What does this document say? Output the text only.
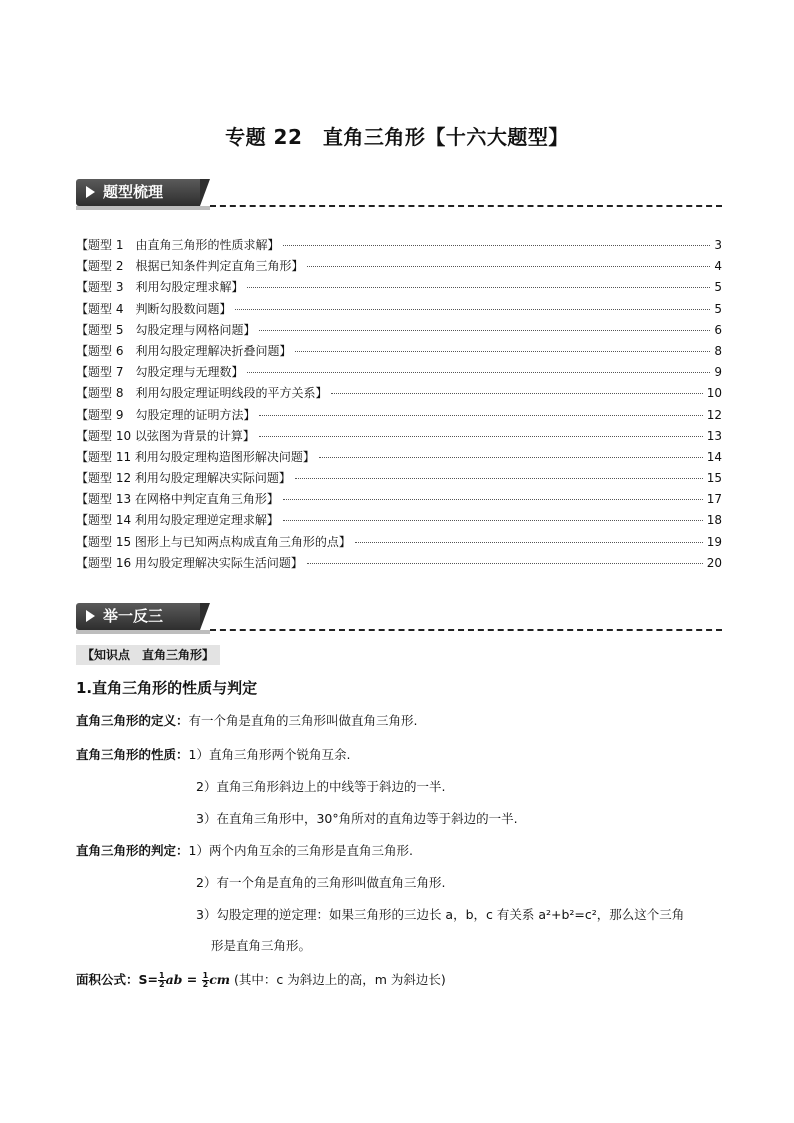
专题 22　直角三角形【十六大题型】
题型梳理
【题型 1　由直角三角形的性质求解】	3
【题型 2　根据已知条件判定直角三角形】	4
【题型 3　利用勾股定理求解】	5
【题型 4　判断勾股数问题】	5
【题型 5　勾股定理与网格问题】	6
【题型 6　利用勾股定理解决折叠问题】	8
【题型 7　勾股定理与无理数】	9
【题型 8　利用勾股定理证明线段的平方关系】	10
【题型 9　勾股定理的证明方法】	12
【题型 10 以弦图为背景的计算】	13
【题型 11 利用勾股定理构造图形解决问题】	14
【题型 12 利用勾股定理解决实际问题】	15
【题型 13 在网格中判定直角三角形】	17
【题型 14 利用勾股定理逆定理求解】	18
【题型 15 图形上与已知两点构成直角三角形的点】	19
【题型 16 用勾股定理解决实际生活问题】	20
举一反三
【知识点　直角三角形】
1.直角三角形的性质与判定
直角三角形的定义：有一个角是直角的三角形叫做直角三角形.
直角三角形的性质：1）直角三角形两个锐角互余.
2）直角三角形斜边上的中线等于斜边的一半.
3）在直角三角形中，30°角所对的直角边等于斜边的一半.
直角三角形的判定：1）两个内角互余的三角形是直角三角形.
2）有一个角是直角的三角形叫做直角三角形.
3）勾股定理的逆定理：如果三角形的三边长 a，b，c 有关系 a²+b²=c²，那么这个三角
形是直角三角形。
面积公式：$S= \frac{1}{2}$ ab = $\frac{1}{2}$ cm (其中：c 为斜边上的高，m 为斜边长)
